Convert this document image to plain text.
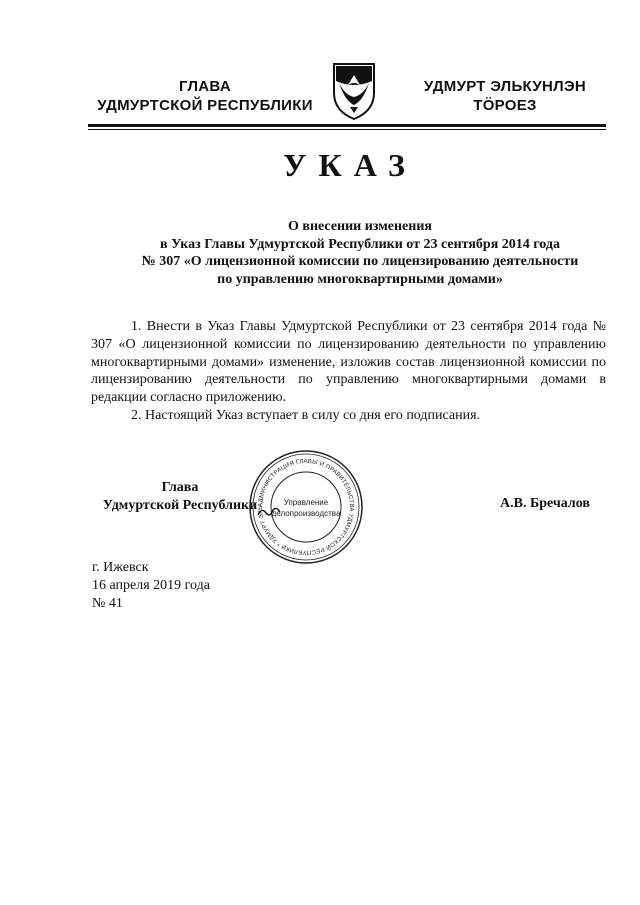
ГЛАВА
УДМУРТСКОЙ РЕСПУБЛИКИ
УДМУРТ ЭЛЬКУНЛЭН
ТӦРОЕЗ
УКАЗ
О внесении изменения
в Указ Главы Удмуртской Республики от 23 сентября 2014 года
№ 307 «О лицензионной комиссии по лицензированию деятельности
по управлению многоквартирными домами»
1. Внести в Указ Главы Удмуртской Республики от 23 сентября 2014 года № 307 «О лицензионной комиссии по лицензированию деятельности по управлению многоквартирными домами» изменение, изложив состав лицензионной комиссии по лицензированию деятельности по управлению многоквартирными домами в редакции согласно приложению.
2. Настоящий Указ вступает в силу со дня его подписания.
Глава
Удмуртской Республики АДМИНИСТРАЦИЯ ГЛАВЫ И ПРАВИТЕЛЬСТВА УДМУРТСКОЙ РЕСПУБЛИКИ * УДМУРТ ЭЛЬ
Управление
делопроизводства
А.В. Бречалов
г. Ижевск
16 апреля 2019 года
№ 41
